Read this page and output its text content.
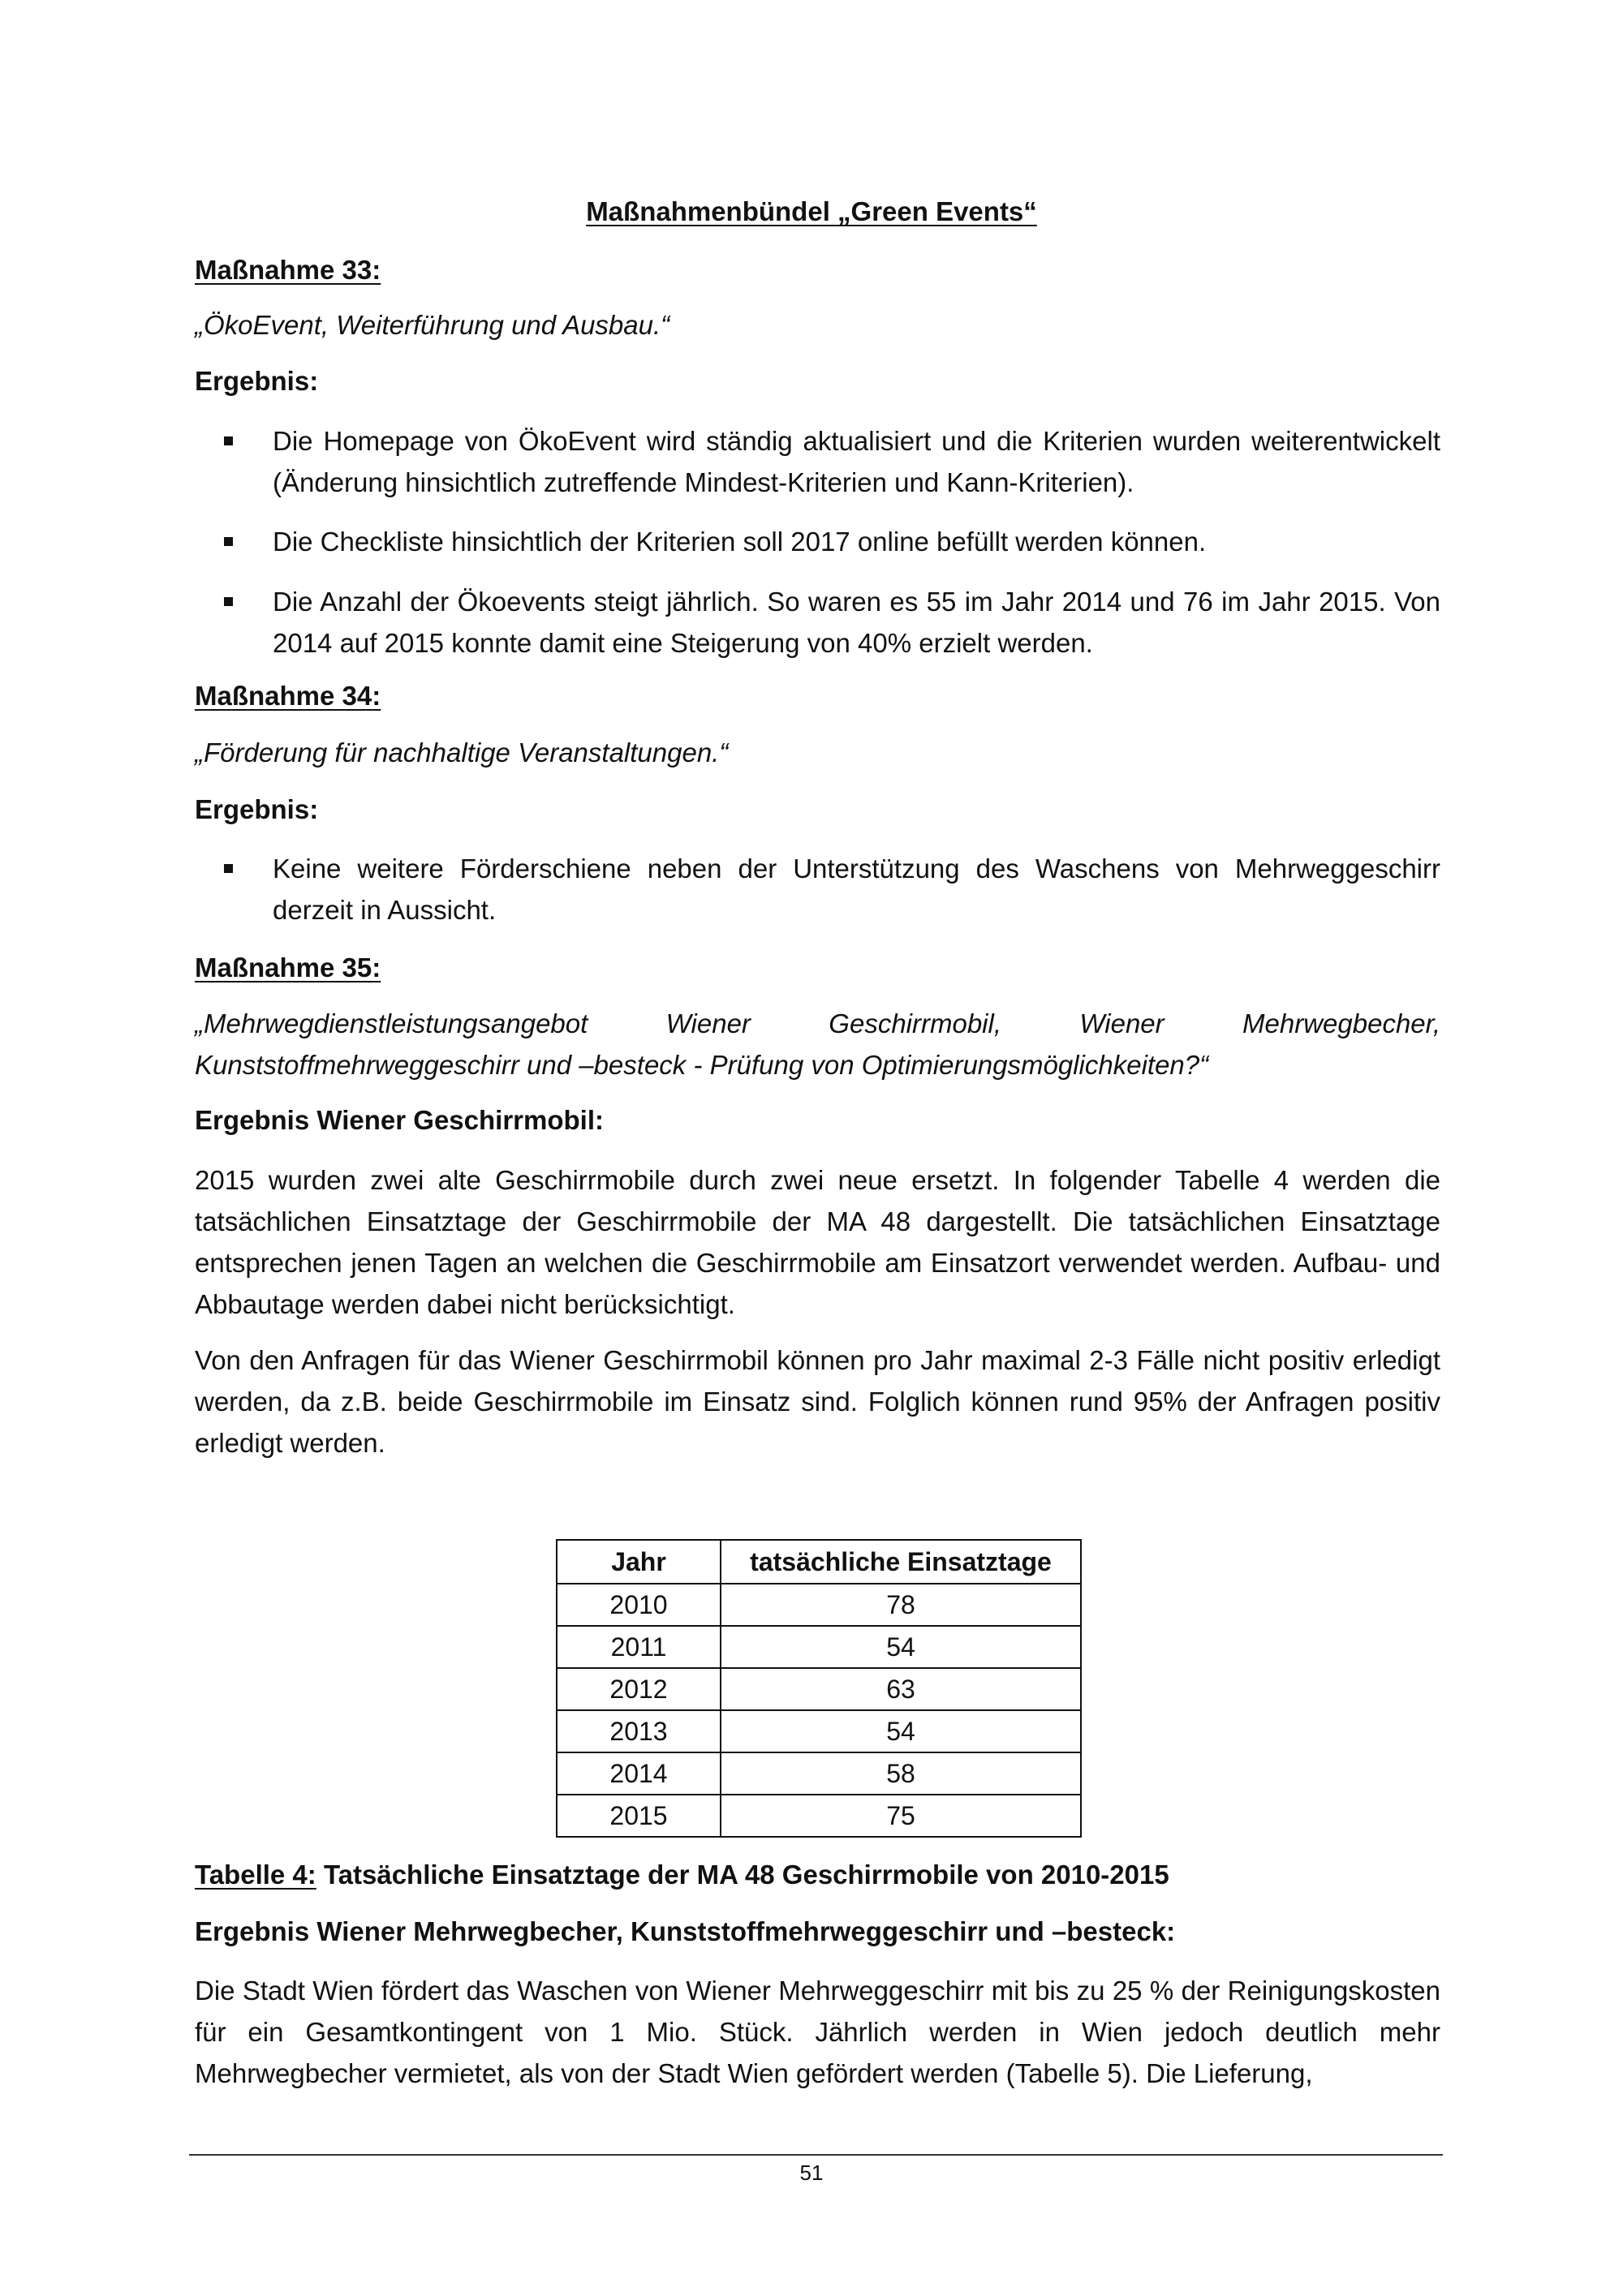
Maßnahmenbündel „Green Events“
Maßnahme 33:
„ÖkoEvent, Weiterführung und Ausbau.“
Ergebnis:
Die Homepage von ÖkoEvent wird ständig aktualisiert und die Kriterien wurden weiterentwickelt (Änderung hinsichtlich zutreffende Mindest-Kriterien und Kann-Kriterien).
Die Checkliste hinsichtlich der Kriterien soll 2017 online befüllt werden können.
Die Anzahl der Ökoevents steigt jährlich. So waren es 55 im Jahr 2014 und 76 im Jahr 2015. Von 2014 auf 2015 konnte damit eine Steigerung von 40% erzielt werden.
Maßnahme 34:
„Förderung für nachhaltige Veranstaltungen.“
Ergebnis:
Keine weitere Förderschiene neben der Unterstützung des Waschens von Mehrweggeschirr derzeit in Aussicht.
Maßnahme 35:
„Mehrwegdienstleistungsangebot Wiener Geschirrmobil, Wiener Mehrwegbecher, Kunststoffmehrweggeschirr und –besteck - Prüfung von Optimierungsmöglichkeiten?“
Ergebnis Wiener Geschirrmobil:
2015 wurden zwei alte Geschirrmobile durch zwei neue ersetzt. In folgender Tabelle 4 werden die tatsächlichen Einsatztage der Geschirrmobile der MA 48 dargestellt. Die tatsächlichen Einsatztage entsprechen jenen Tagen an welchen die Geschirrmobile am Einsatzort verwendet werden. Aufbau- und Abbautage werden dabei nicht berücksichtigt.
Von den Anfragen für das Wiener Geschirrmobil können pro Jahr maximal 2-3 Fälle nicht positiv erledigt werden, da z.B. beide Geschirrmobile im Einsatz sind. Folglich können rund 95% der Anfragen positiv erledigt werden.
Jahr	tatsächliche Einsatztage
2010	78
2011	54
2012	63
2013	54
2014	58
2015	75
Tabelle 4: Tatsächliche Einsatztage der MA 48 Geschirrmobile von 2010-2015
Ergebnis Wiener Mehrwegbecher, Kunststoffmehrweggeschirr und –besteck:
Die Stadt Wien fördert das Waschen von Wiener Mehrweggeschirr mit bis zu 25 % der Reinigungskosten für ein Gesamtkontingent von 1 Mio. Stück. Jährlich werden in Wien jedoch deutlich mehr Mehrwegbecher vermietet, als von der Stadt Wien gefördert werden (Tabelle 5). Die Lieferung,
51
